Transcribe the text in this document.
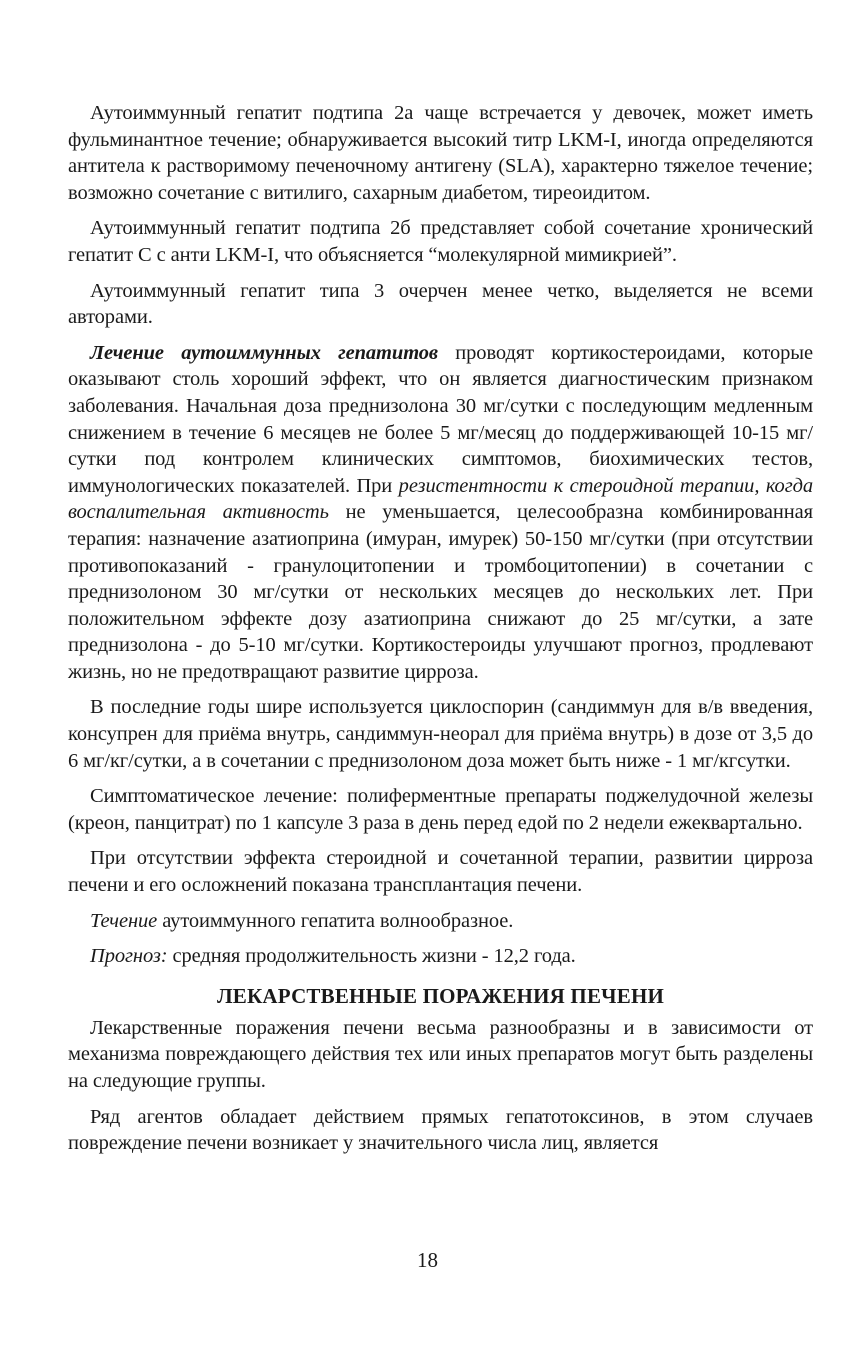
Аутоиммунный гепатит подтипа 2а чаще встречается у девочек, может иметь фульминантное течение; обнаруживается высокий титр LKM-I, иногда определяются антитела к растворимому печеночному антигену (SLA), характерно тяжелое течение; возможно сочетание с витилиго, сахарным диабетом, тиреоидитом.

Аутоиммунный гепатит подтипа 2б представляет собой сочетание хронический гепатит С с анти LKM-I, что объясняется “молекулярной мимикрией”.

Аутоиммунный гепатит типа 3 очерчен менее четко, выделяется не всеми авторами.

Лечение аутоиммунных гепатитов проводят кортикостероидами, которые оказывают столь хороший эффект, что он является диагностическим признаком заболевания. Начальная доза преднизолона 30 мг/сутки с последующим медленным снижением в течение 6 месяцев не более 5 мг/месяц до поддерживающей 10-15 мг/сутки под контролем клинических симптомов, биохимических тестов, иммунологических показателей. При резистентности к стероидной терапии, когда воспалительная активность не уменьшается, целесообразна комбинированная терапия: назначение азатиоприна (имуран, имурек) 50-150 мг/сутки (при отсутствии противопоказаний - гранулоцитопении и тромбоцитопении) в сочетании с преднизолоном 30 мг/сутки от нескольких месяцев до нескольких лет. При положительном эффекте дозу азатиоприна снижают до 25 мг/сутки, а зате преднизолона - до 5-10 мг/сутки. Кортикостероиды улучшают прогноз, продлевают жизнь, но не предотвращают развитие цирроза.

В последние годы шире используется циклоспорин (сандиммун для в/в введения, консупрен для приёма внутрь, сандиммун-неорал для приёма внутрь) в дозе от 3,5 до 6 мг/кг/сутки, а в сочетании с преднизолоном доза может быть ниже - 1 мг/кгсутки.

Симптоматическое лечение: полиферментные препараты поджелудочной железы (креон, панцитрат) по 1 капсуле 3 раза в день перед едой по 2 недели ежеквартально.

При отсутствии эффекта стероидной и сочетанной терапии, развитии цирроза печени и его осложнений показана трансплантация печени.

Течение аутоиммунного гепатита волнообразное.

Прогноз: средняя продолжительность жизни - 12,2 года.

ЛЕКАРСТВЕННЫЕ ПОРАЖЕНИЯ ПЕЧЕНИ

Лекарственные поражения печени весьма разнообразны и в зависимости от механизма повреждающего действия тех или иных препаратов могут быть разделены на следующие группы.

Ряд агентов обладает действием прямых гепатотоксинов, в этом случаев повреждение печени возникает у значительного числа лиц, является

18
